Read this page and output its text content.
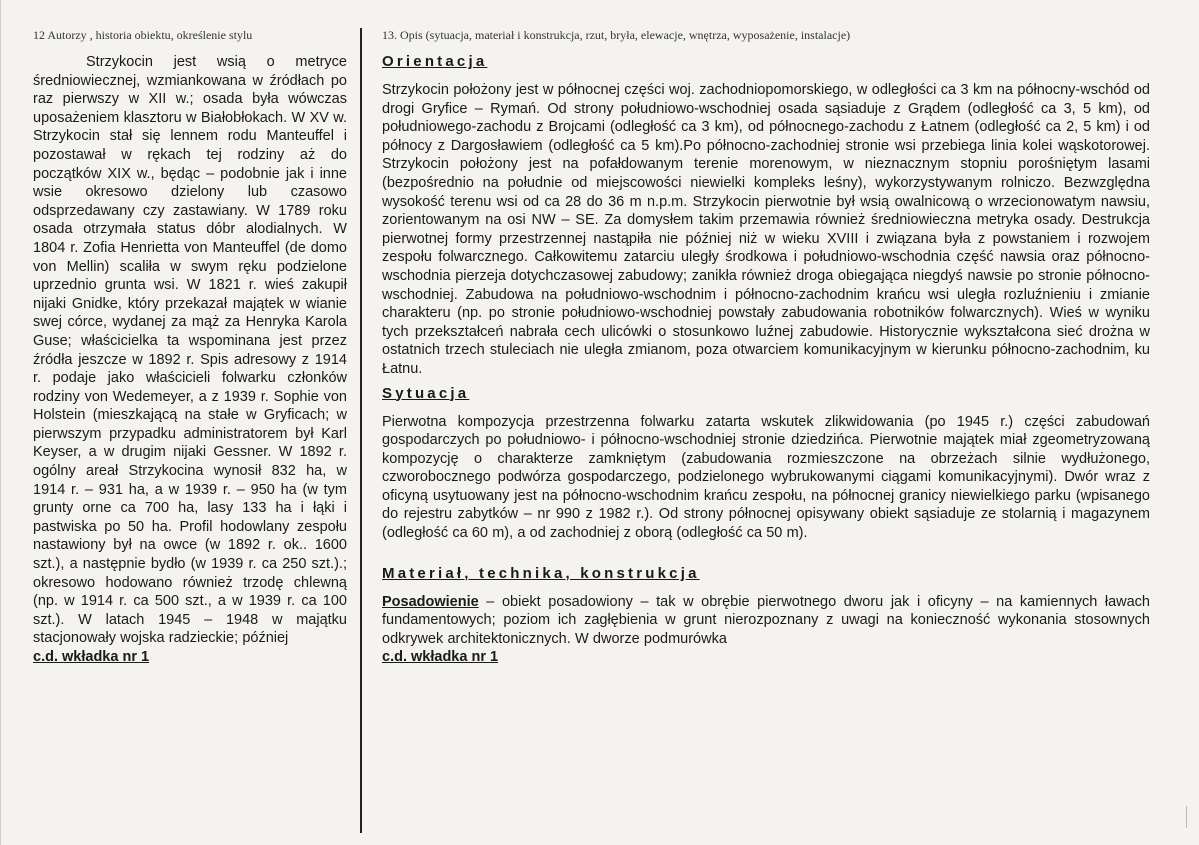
12 Autorzy , historia obiektu, określenie stylu

Strzykocin jest wsią o metryce średniowiecznej, wzmiankowana w źródłach po raz pierwszy w XII w.; osada była wówczas uposażeniem klasztoru w Białobłokach. W XV w. Strzykocin stał się lennem rodu Manteuffel i pozostawał w rękach tej rodziny aż do początków XIX w., będąc – podobnie jak i inne wsie okresowo dzielony lub czasowo odsprzedawany czy zastawiany. W 1789 roku osada otrzymała status dóbr alodialnych. W 1804 r. Zofia Henrietta von Manteuffel (de domo von Mellin) scaliła w swym ręku podzielone uprzednio grunta wsi. W 1821 r. wieś zakupił nijaki Gnidke, który przekazał majątek w wianie swej córce, wydanej za mąż za Henryka Karola Guse; właścicielka ta wspominana jest przez źródła jeszcze w 1892 r. Spis adresowy z 1914 r. podaje jako właścicieli folwarku członków rodziny von Wedemeyer, a z 1939 r. Sophie von Holstein (mieszkającą na stałe w Gryficach; w pierwszym przypadku administratorem był Karl Keyser, a w drugim nijaki Gessner. W 1892 r. ogólny areał Strzykocina wynosił 832 ha, w 1914 r. – 931 ha, a w 1939 r. – 950 ha (w tym grunty orne ca 700 ha, lasy 133 ha i łąki i pastwiska po 50 ha. Profil hodowlany zespołu nastawiony był na owce (w 1892 r. ok.. 1600 szt.), a następnie bydło (w 1939 r. ca 250 szt.).; okresowo hodowano również trzodę chlewną (np. w 1914 r. ca 500 szt., a w 1939 r. ca 100 szt.). W latach 1945 – 1948 w majątku stacjonowały wojska radzieckie; później

c.d. wkładka nr 1

13. Opis (sytuacja, materiał i konstrukcja, rzut, bryła, elewacje, wnętrza, wyposażenie, instalacje)
Orientacja

Strzykocin położony jest w północnej części woj. zachodniopomorskiego, w odległości ca 3 km na północny-wschód od drogi Gryfice – Rymań. Od strony południowo-wschodniej osada sąsiaduje z Grądem (odległość ca 3, 5 km), od południowego-zachodu z Brojcami (odległość ca 3 km), od północnego-zachodu z Łatnem (odległość ca 2, 5 km) i od północy z Dargosławiem (odległość ca 5 km).Po północno-zachodniej stronie wsi przebiega linia kolei wąskotorowej. Strzykocin położony jest na pofałdowanym terenie morenowym, w nieznacznym stopniu porośniętym lasami (bezpośrednio na południe od miejscowości niewielki kompleks leśny), wykorzystywanym rolniczo. Bezwzględna wysokość terenu wsi od ca 28 do 36 m n.p.m. Strzykocin pierwotnie był wsią owalnicową o wrzecionowatym nawsiu, zorientowanym na osi NW – SE. Za domysłem takim przemawia również średniowieczna metryka osady. Destrukcja pierwotnej formy przestrzennej nastąpiła nie później niż w wieku XVIII i związana była z powstaniem i rozwojem zespołu folwarcznego. Całkowitemu zatarciu uległy środkowa i południowo-wschodnia część nawsia oraz północno-wschodnia pierzeja dotychczasowej zabudowy; zanikła również droga obiegająca niegdyś nawsie po stronie północno-wschodniej. Zabudowa na południowo-wschodnim i północno-zachodnim krańcu wsi uległa rozluźnieniu i zmianie charakteru (np. po stronie południowo-wschodniej powstały zabudowania robotników folwarcznych). Wieś w wyniku tych przekształceń nabrała cech ulicówki o stosunkowo luźnej zabudowie. Historycznie wykształcona sieć drożna w ostatnich trzech stuleciach nie uległa zmianom, poza otwarciem komunikacyjnym w kierunku północno-zachodnim, ku Łatnu.

Sytuacja

Pierwotna kompozycja przestrzenna folwarku zatarta wskutek zlikwidowania (po 1945 r.) części zabudowań gospodarczych po południowo- i północno-wschodniej stronie dziedzińca. Pierwotnie majątek miał zgeometryzowaną kompozycję o charakterze zamkniętym (zabudowania rozmieszczone na obrzeżach silnie wydłużonego, czworobocznego podwórza gospodarczego, podzielonego wybrukowanymi ciągami komunikacyjnymi). Dwór wraz z oficyną usytuowany jest na północno-wschodnim krańcu zespołu, na północnej granicy niewielkiego parku (wpisanego do rejestru zabytków – nr 990 z 1982 r.). Od strony północnej opisywany obiekt sąsiaduje ze stolarnią i magazynem (odległość ca 60 m), a od zachodniej z oborą (odległość ca 50 m).

Materiał, technika, konstrukcja

Posadowienie – obiekt posadowiony – tak w obrębie pierwotnego dworu jak i oficyny – na kamiennych ławach fundamentowych; poziom ich zagłębienia w grunt nierozpoznany z uwagi na konieczność wykonania stosownych odkrywek architektonicznych. W dworze podmurówka

c.d. wkładka nr 1
